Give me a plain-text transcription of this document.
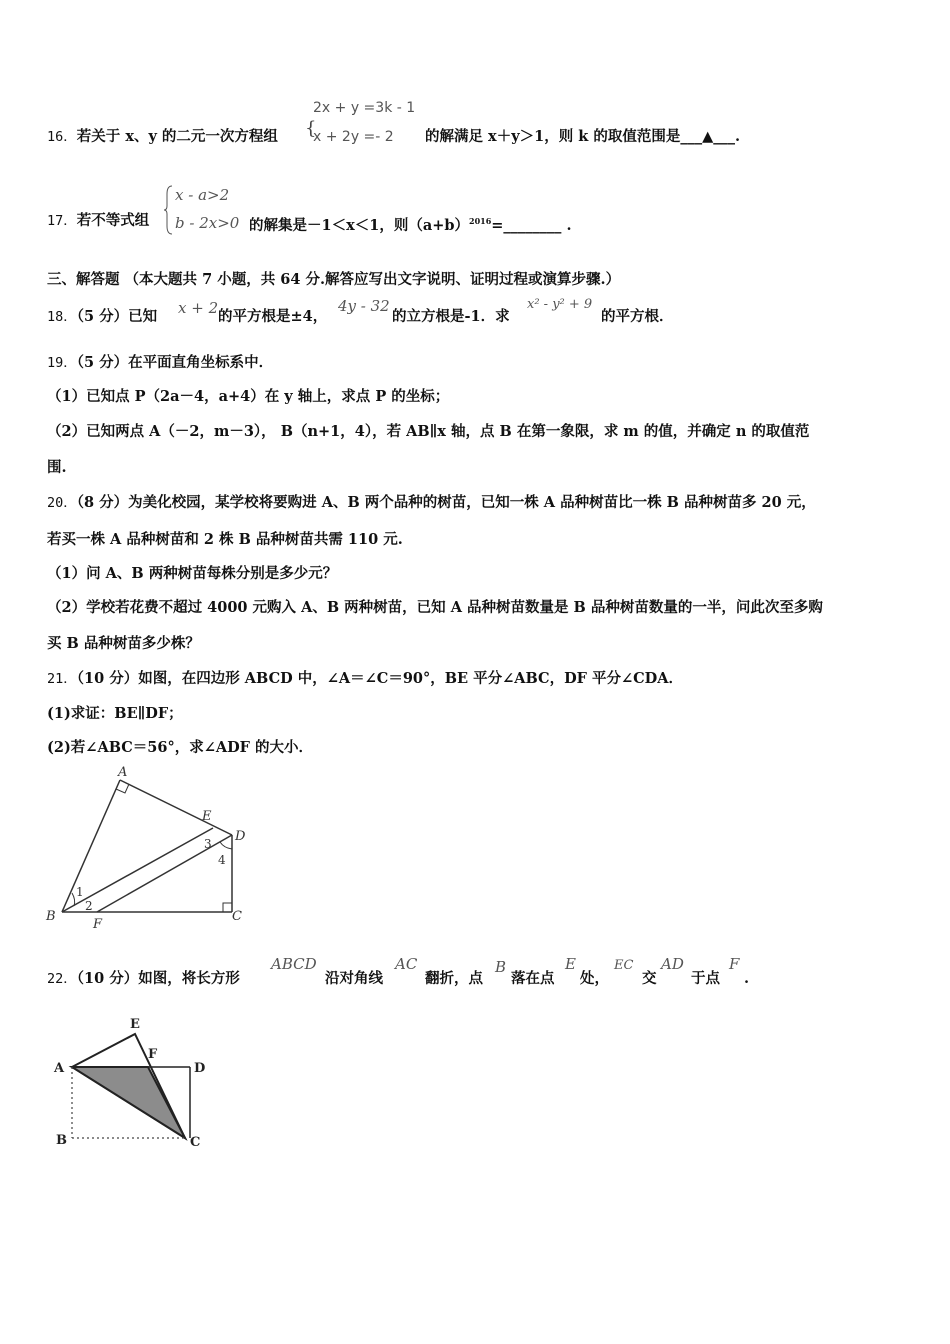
2x + y =3k - 1
{
x + 2y =- 2
16．若关于 x、y 的二元一次方程组	的解满足 x＋y＞1，则 k 的取值范围是___▲___.
x - a>2
b - 2x>0
17．若不等式组	的解集是－1＜x＜1，则$(a+b)^{2016}=\_\_\_\_\_\_\_\_$ .
三、解答题 （本大题共 7 小题，共 64 分.解答应写出文字说明、证明过程或演算步骤.）
18．（5 分）已知 x + 2 的平方根是±4，
4y - 32
的立方根是-1．求
x² - y² + 9
的平方根．
19．（5 分）在平面直角坐标系中．
（1）已知点 P（2a－4，a+4）在 y 轴上，求点 P 的坐标；
（2）已知两点 A（－2，m－3）， B（n+1，4），若 AB∥x 轴，点 B 在第一象限，求 m 的值，并确定 n 的取值范
围.
20．（8 分）为美化校园，某学校将要购进 A、B 两个品种的树苗，已知一株 A 品种树苗比一株 B 品种树苗多 20 元，
若买一株 A 品种树苗和 2 株 B 品种树苗共需 110 元.
（1）问 A、B 两种树苗每株分别是多少元？
（2）学校若花费不超过 4000 元购入 A、B 两种树苗，已知 A 品种树苗数量是 B 品种树苗数量的一半，问此次至多购
买 B 品种树苗多少株？
21．（10 分）如图，在四边形 ABCD 中，∠A＝∠C＝90°，BE 平分∠ABC，DF 平分∠CDA．
(1)求证：BE∥DF；
(2)若∠ABC＝56°，求∠ADF 的大小．
A
E
D
3
4
1
2
B
F
C
22．（10 分）如图，将长方形
ABCD
沿对角线
AC
翻折，点
B
落在点
E
处，
EC
交
AD
于点
F
.
E
F
A	D
B	C
